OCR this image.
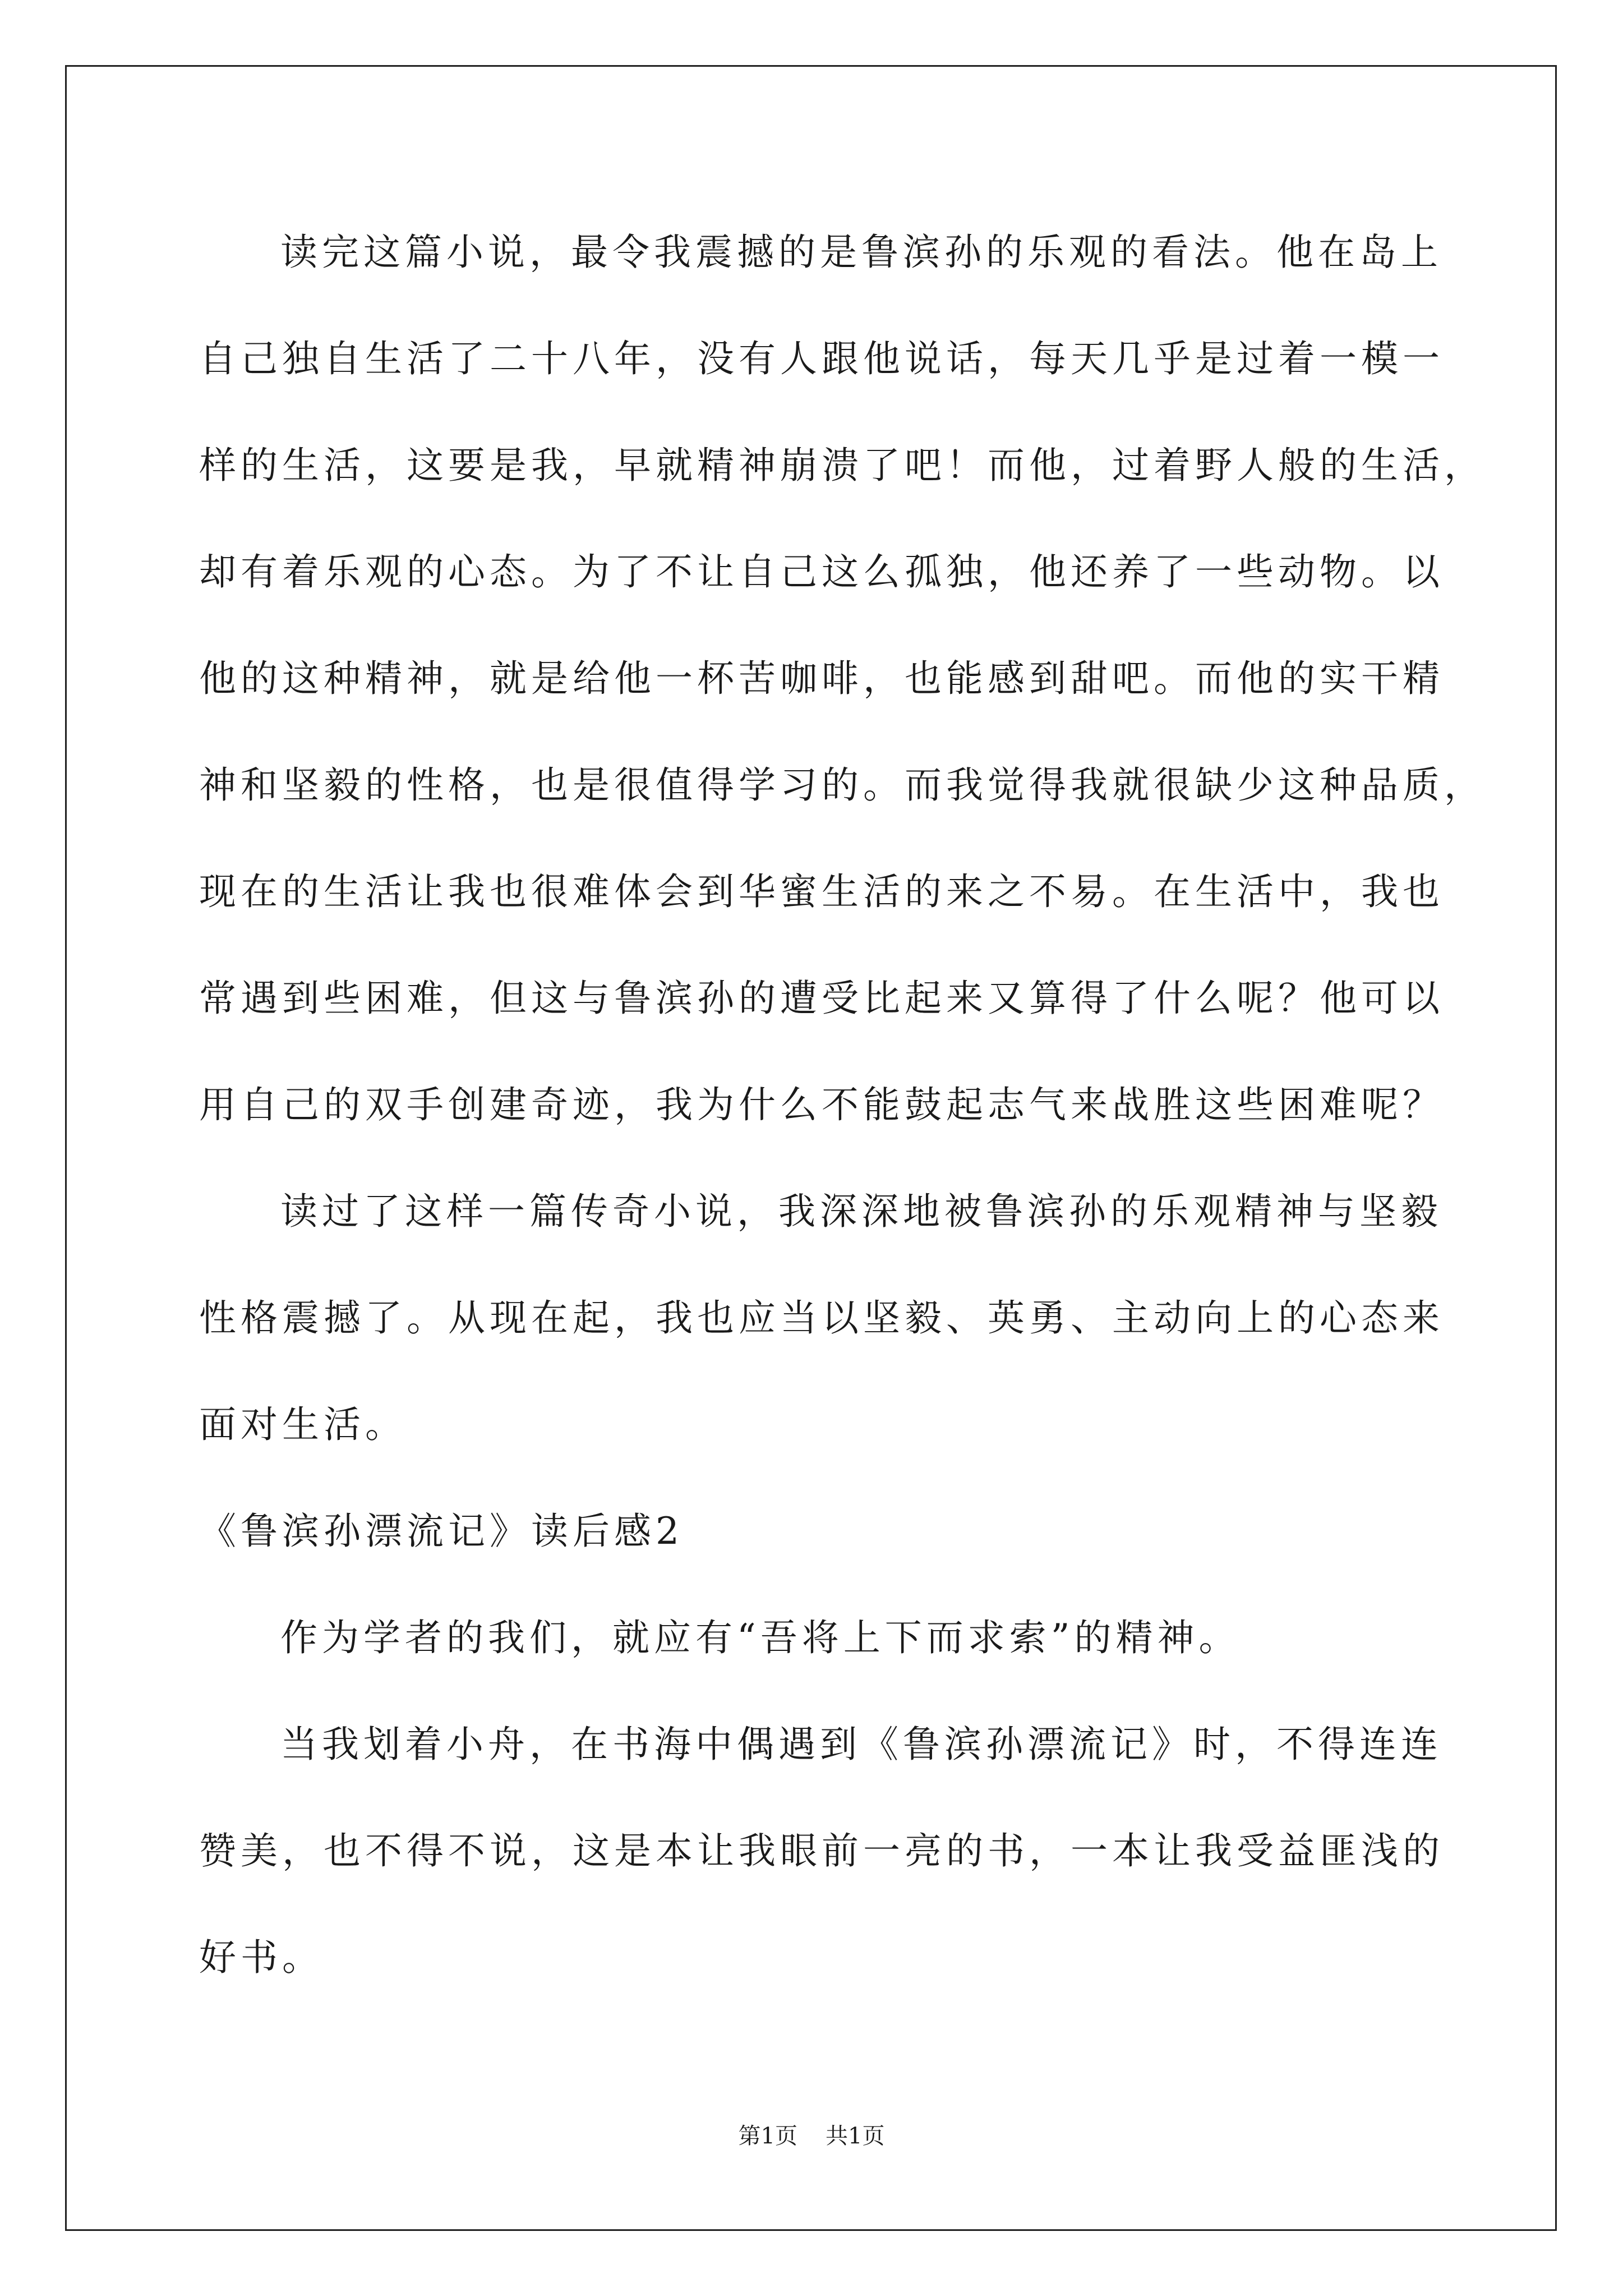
读完这篇小说，最令我震撼的是鲁滨孙的乐观的看法。他在岛上
自己独自生活了二十八年，没有人跟他说话，每天几乎是过着一模一
样的生活，这要是我，早就精神崩溃了吧！而他，过着野人般的生活，
却有着乐观的心态。为了不让自己这么孤独，他还养了一些动物。以
他的这种精神，就是给他一杯苦咖啡，也能感到甜吧。而他的实干精
神和坚毅的性格，也是很值得学习的。而我觉得我就很缺少这种品质，
现在的生活让我也很难体会到华蜜生活的来之不易。在生活中，我也
常遇到些困难，但这与鲁滨孙的遭受比起来又算得了什么呢？他可以
用自己的双手创建奇迹，我为什么不能鼓起志气来战胜这些困难呢？
读过了这样一篇传奇小说，我深深地被鲁滨孙的乐观精神与坚毅
性格震撼了。从现在起，我也应当以坚毅、英勇、主动向上的心态来
面对生活。
《鲁滨孙漂流记》读后感2
作为学者的我们，就应有“吾将上下而求索”的精神。
当我划着小舟，在书海中偶遇到《鲁滨孙漂流记》时，不得连连
赞美，也不得不说，这是本让我眼前一亮的书，一本让我受益匪浅的
好书。
第1页 共1页
